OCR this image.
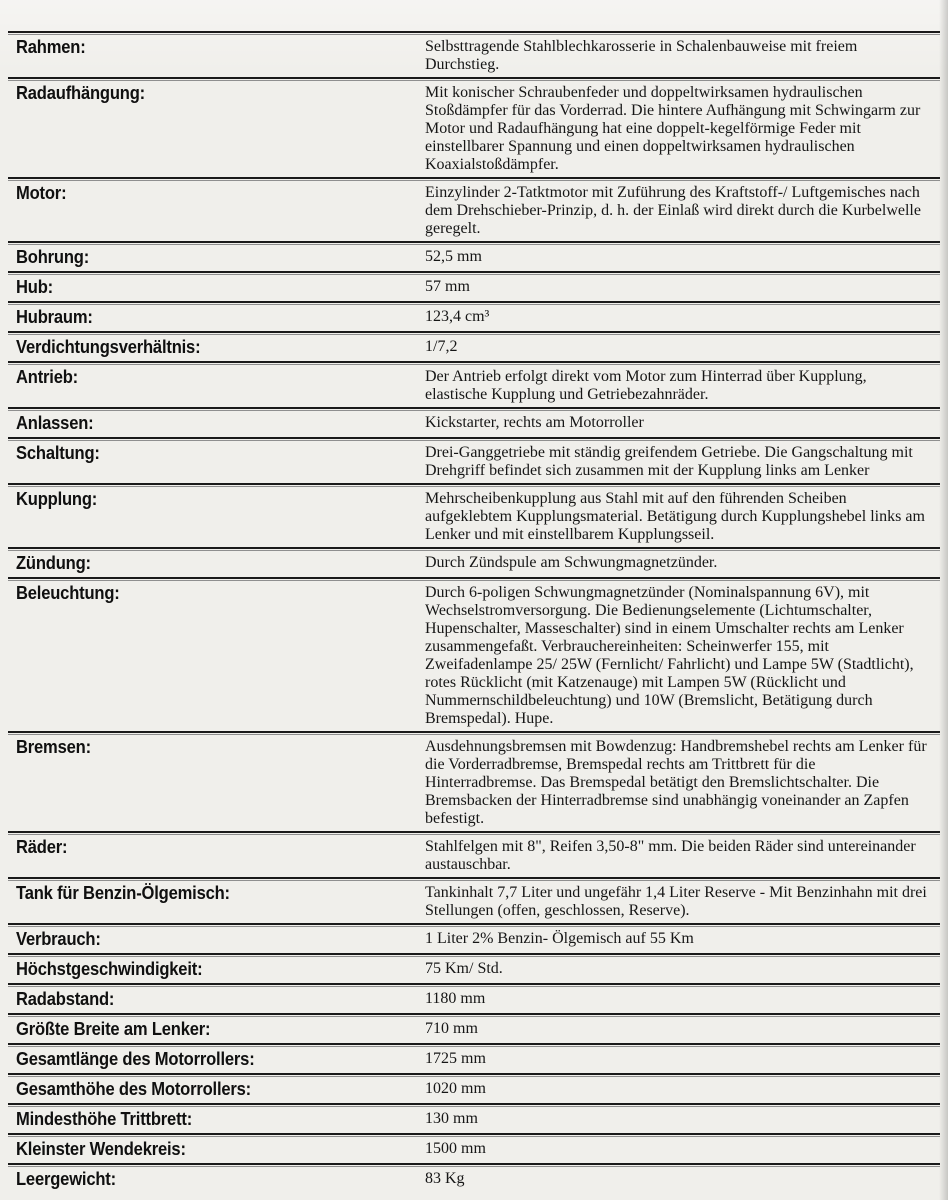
Rahmen:	Selbsttragende Stahlblechkarosserie in Schalenbauweise mit freiem Durchstieg.
Radaufhängung:	Mit konischer Schraubenfeder und doppeltwirksamen hydraulischen Stoßdämpfer für das Vorderrad. Die hintere Aufhängung mit Schwingarm zur Motor und Radaufhängung hat eine doppelt-kegelförmige Feder mit einstellbarer Spannung und einen doppeltwirksamen hydraulischen Koaxialstoßdämpfer.
Motor:	Einzylinder 2-Tatktmotor mit Zuführung des Kraftstoff-/ Luftgemisches nach dem Drehschieber-Prinzip, d. h. der Einlaß wird direkt durch die Kurbelwelle geregelt.
Bohrung:	52,5 mm
Hub:	57 mm
Hubraum:	123,4 cm³
Verdichtungsverhältnis:	1/7,2
Antrieb:	Der Antrieb erfolgt direkt vom Motor zum Hinterrad über Kupplung, elastische Kupplung und Getriebezahnräder.
Anlassen:	Kickstarter, rechts am Motorroller
Schaltung:	Drei-Ganggetriebe mit ständig greifendem Getriebe. Die Gangschaltung mit Drehgriff befindet sich zusammen mit der Kupplung links am Lenker
Kupplung:	Mehrscheibenkupplung aus Stahl mit auf den führenden Scheiben aufgeklebtem Kupplungsmaterial. Betätigung durch Kupplungshebel links am Lenker und mit einstellbarem Kupplungsseil.
Zündung:	Durch Zündspule am Schwungmagnetzünder.
Beleuchtung:	Durch 6-poligen Schwungmagnetzünder (Nominalspannung 6V), mit Wechselstromversorgung. Die Bedienungselemente (Lichtumschalter, Hupenschalter, Masseschalter) sind in einem Umschalter rechts am Lenker zusammengefaßt. Verbrauchereinheiten: Scheinwerfer 155, mit Zweifadenlampe 25/ 25W (Fernlicht/ Fahrlicht) und Lampe 5W (Stadtlicht), rotes Rücklicht (mit Katzenauge) mit Lampen 5W (Rücklicht und Nummernschildbeleuchtung) und 10W (Bremslicht, Betätigung durch Bremspedal). Hupe.
Bremsen:	Ausdehnungsbremsen mit Bowdenzug: Handbremshebel rechts am Lenker für die Vorderradbremse, Bremspedal rechts am Trittbrett für die Hinterradbremse. Das Bremspedal betätigt den Bremslichtschalter. Die Bremsbacken der Hinterradbremse sind unabhängig voneinander an Zapfen befestigt.
Räder:	Stahlfelgen mit 8", Reifen 3,50-8" mm. Die beiden Räder sind untereinander austauschbar.
Tank für Benzin-Ölgemisch:	Tankinhalt 7,7 Liter und ungefähr 1,4 Liter Reserve - Mit Benzinhahn mit drei Stellungen (offen, geschlossen, Reserve).
Verbrauch:	1 Liter 2% Benzin- Ölgemisch auf 55 Km
Höchstgeschwindigkeit:	75 Km/ Std.
Radabstand:	1180 mm
Größte Breite am Lenker:	710 mm
Gesamtlänge des Motorrollers:	1725 mm
Gesamthöhe des Motorrollers:	1020 mm
Mindesthöhe Trittbrett:	130 mm
Kleinster Wendekreis:	1500 mm
Leergewicht:	83 Kg
